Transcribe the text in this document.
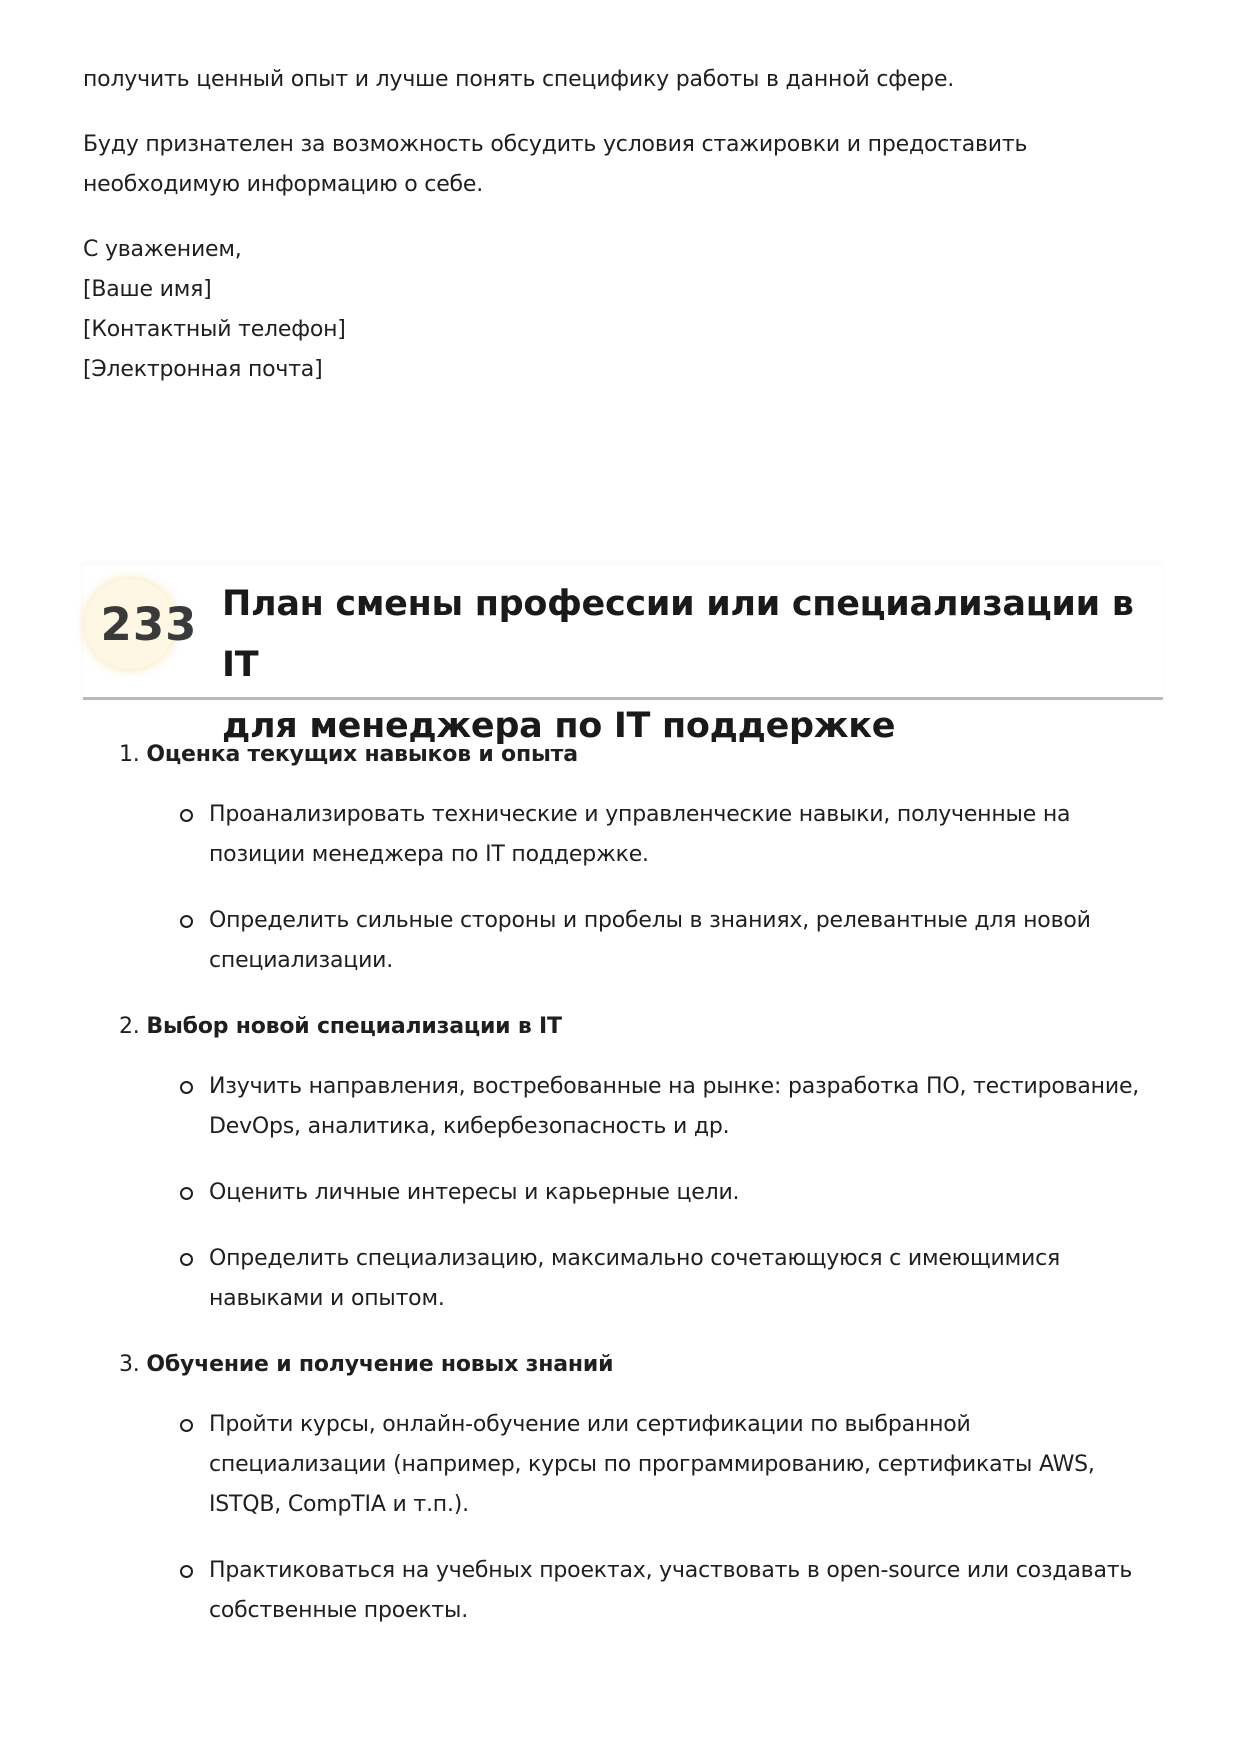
получить ценный опыт и лучше понять специфику работы в данной сфере.

Буду признателен за возможность обсудить условия стажировки и предоставить
необходимую информацию о себе.

С уважением,
[Ваше имя]
[Контактный телефон]
[Электронная почта]

233 План смены профессии или специализации в IT
для менеджера по IT поддержке
1. Оценка текущих навыков и опыта
Проанализировать технические и управленческие навыки, полученные на
позиции менеджера по IT поддержке.
Определить сильные стороны и пробелы в знаниях, релевантные для новой
специализации.
2. Выбор новой специализации в IT
Изучить направления, востребованные на рынке: разработка ПО, тестирование,
DevOps, аналитика, кибербезопасность и др.
Оценить личные интересы и карьерные цели.
Определить специализацию, максимально сочетающуюся с имеющимися
навыками и опытом.
3. Обучение и получение новых знаний
Пройти курсы, онлайн-обучение или сертификации по выбранной
специализации (например, курсы по программированию, сертификаты AWS,
ISTQB, CompTIA и т.п.).
Практиковаться на учебных проектах, участвовать в open-source или создавать
собственные проекты.
